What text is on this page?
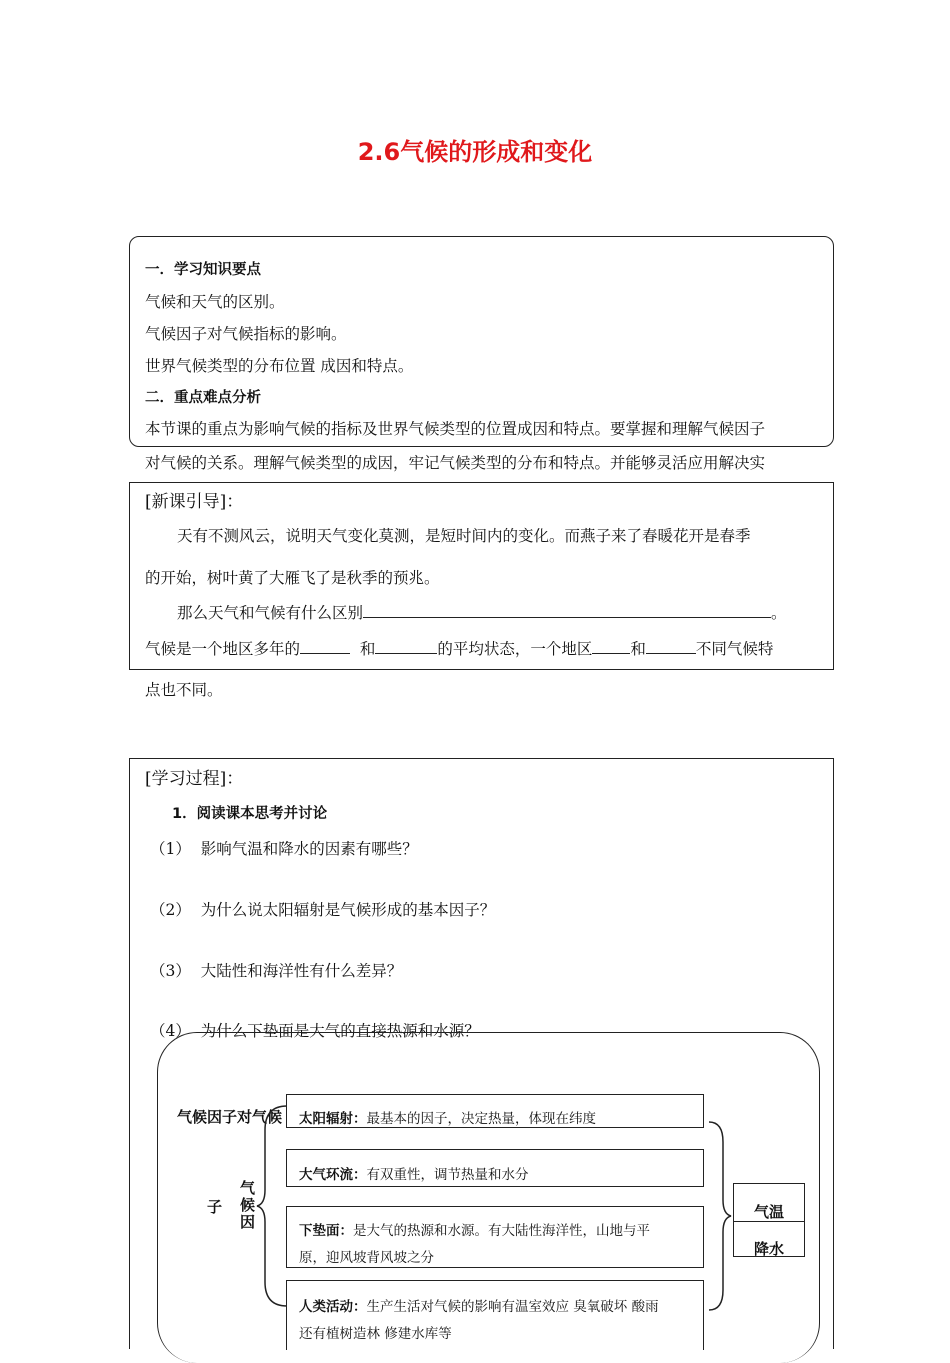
2.6气候的形成和变化
一．学习知识要点
气候和天气的区别。
气候因子对气候指标的影响。
世界气候类型的分布位置 成因和特点。
二．重点难点分析
本节课的重点为影响气候的指标及世界气候类型的位置成因和特点。要掌握和理解气候因子
对气候的关系。理解气候类型的成因，牢记气候类型的分布和特点。并能够灵活应用解决实
[新课引导]：
天有不测风云，说明天气变化莫测，是短时间内的变化。而燕子来了春暖花开是春季
的开始，树叶黄了大雁飞了是秋季的预兆。
那么天气和气候有什么区别	。
气候是一个地区多年的	和	的平均状态，一个地区 和	不同气候特
点也不同。
[学习过程]：
1．阅读课本思考并讨论
（1） 影响气温和降水的因素有哪些？
（2） 为什么说太阳辐射是气候形成的基本因子？
（3） 大陆性和海洋性有什么差异？
（4） 为什么下垫面是大气的直接热源和水源？
气候因子对气候
子
气候因
太阳辐射：最基本的因子，决定热量，体现在纬度
大气环流：有双重性，调节热量和水分
下垫面：是大气的热源和水源。有大陆性海洋性，山地与平
原，迎风坡背风坡之分
人类活动：生产生活对气候的影响有温室效应 臭氧破坏 酸雨
还有植树造林 修建水库等
气温
降水
